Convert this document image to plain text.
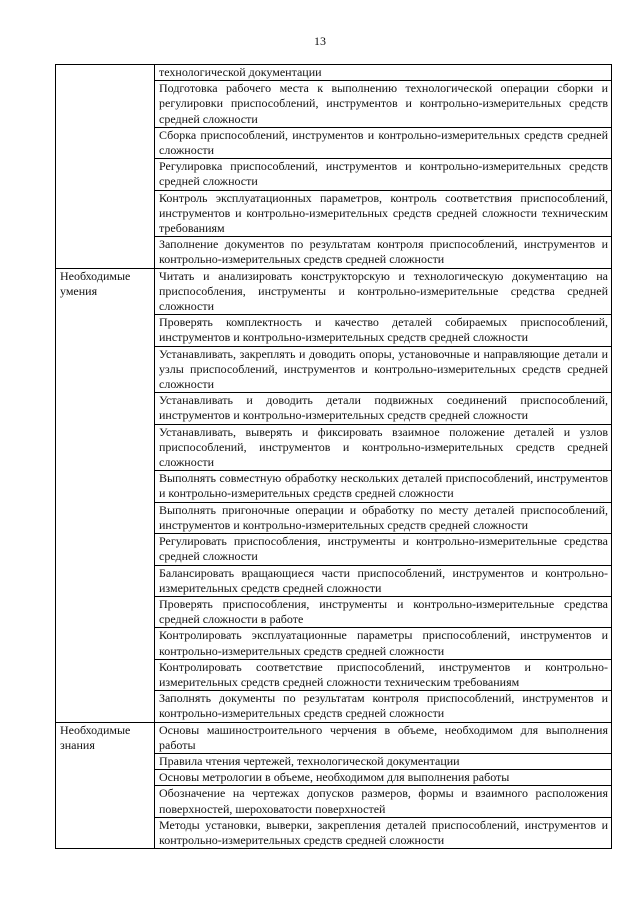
13

	технологической документации

	Подготовка рабочего места к выполнению технологической операции сборки и регулировки приспособлений, инструментов и контрольно-измерительных средств средней сложности

	Сборка приспособлений, инструментов и контрольно-измерительных средств средней сложности

	Регулировка приспособлений, инструментов и контрольно-измерительных средств средней сложности

	Контроль эксплуатационных параметров, контроль соответствия приспособлений, инструментов и контрольно-измерительных средств средней сложности техническим требованиям

	Заполнение документов по результатам контроля приспособлений, инструментов и контрольно-измерительных средств средней сложности

Необходимые умения	Читать и анализировать конструкторскую и технологическую документацию на приспособления, инструменты и контрольно-измерительные средства средней сложности

	Проверять комплектность и качество деталей собираемых приспособлений, инструментов и контрольно-измерительных средств средней сложности

	Устанавливать, закреплять и доводить опоры, установочные и направляющие детали и узлы приспособлений, инструментов и контрольно-измерительных средств средней сложности

	Устанавливать и доводить детали подвижных соединений приспособлений, инструментов и контрольно-измерительных средств средней сложности

	Устанавливать, выверять и фиксировать взаимное положение деталей и узлов приспособлений, инструментов и контрольно-измерительных средств средней сложности

	Выполнять совместную обработку нескольких деталей приспособлений, инструментов и контрольно-измерительных средств средней сложности

	Выполнять пригоночные операции и обработку по месту деталей приспособлений, инструментов и контрольно-измерительных средств средней сложности

	Регулировать приспособления, инструменты и контрольно-измерительные средства средней сложности

	Балансировать вращающиеся части приспособлений, инструментов и контрольно-измерительных средств средней сложности

	Проверять приспособления, инструменты и контрольно-измерительные средства средней сложности в работе

	Контролировать эксплуатационные параметры приспособлений, инструментов и контрольно-измерительных средств средней сложности

	Контролировать соответствие приспособлений, инструментов и контрольно-измерительных средств средней сложности техническим требованиям

	Заполнять документы по результатам контроля приспособлений, инструментов и контрольно-измерительных средств средней сложности

Необходимые знания	Основы машиностроительного черчения в объеме, необходимом для выполнения работы

	Правила чтения чертежей, технологической документации

	Основы метрологии в объеме, необходимом для выполнения работы

	Обозначение на чертежах допусков размеров, формы и взаимного расположения поверхностей, шероховатости поверхностей

	Методы установки, выверки, закрепления деталей приспособлений, инструментов и контрольно-измерительных средств средней сложности
